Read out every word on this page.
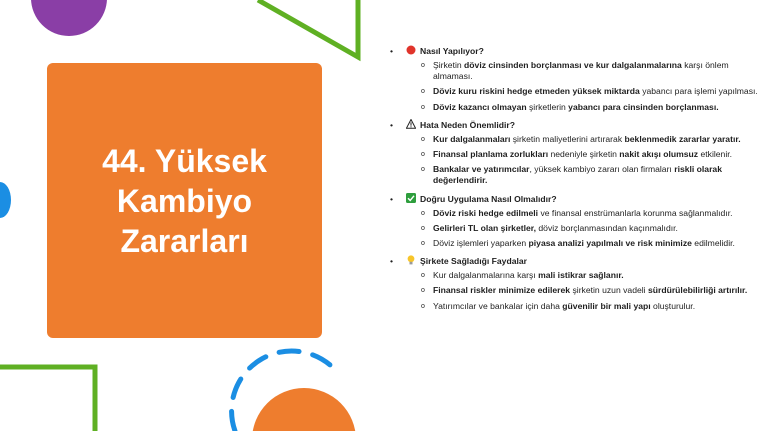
44. Yüksek Kambiyo Zararları
•	Nasıl Yapılıyor?
o Şirketin döviz cinsinden borçlanması ve kur dalgalanmalarına karşı önlem almaması.
o Döviz kuru riskini hedge etmeden yüksek miktarda yabancı para işlemi yapılması.
o Döviz kazancı olmayan şirketlerin yabancı para cinsinden borçlanması.
•	Hata Neden Önemlidir?
o Kur dalgalanmaları şirketin maliyetlerini artırarak beklenmedik zararlar yaratır.
o Finansal planlama zorlukları nedeniyle şirketin nakit akışı olumsuz etkilenir.
o Bankalar ve yatırımcılar, yüksek kambiyo zararı olan firmaları riskli olarak değerlendirir.
•	Doğru Uygulama Nasıl Olmalıdır?
o Döviz riski hedge edilmeli ve finansal enstrümanlarla korunma sağlanmalıdır.
o Gelirleri TL olan şirketler, döviz borçlanmasından kaçınmalıdır.
o Döviz işlemleri yaparken piyasa analizi yapılmalı ve risk minimize edilmelidir.
•	Şirkete Sağladığı Faydalar
o Kur dalgalanmalarına karşı mali istikrar sağlanır.
o Finansal riskler minimize edilerek şirketin uzun vadeli sürdürülebilirliği artırılır.
o Yatırımcılar ve bankalar için daha güvenilir bir mali yapı oluşturulur.
